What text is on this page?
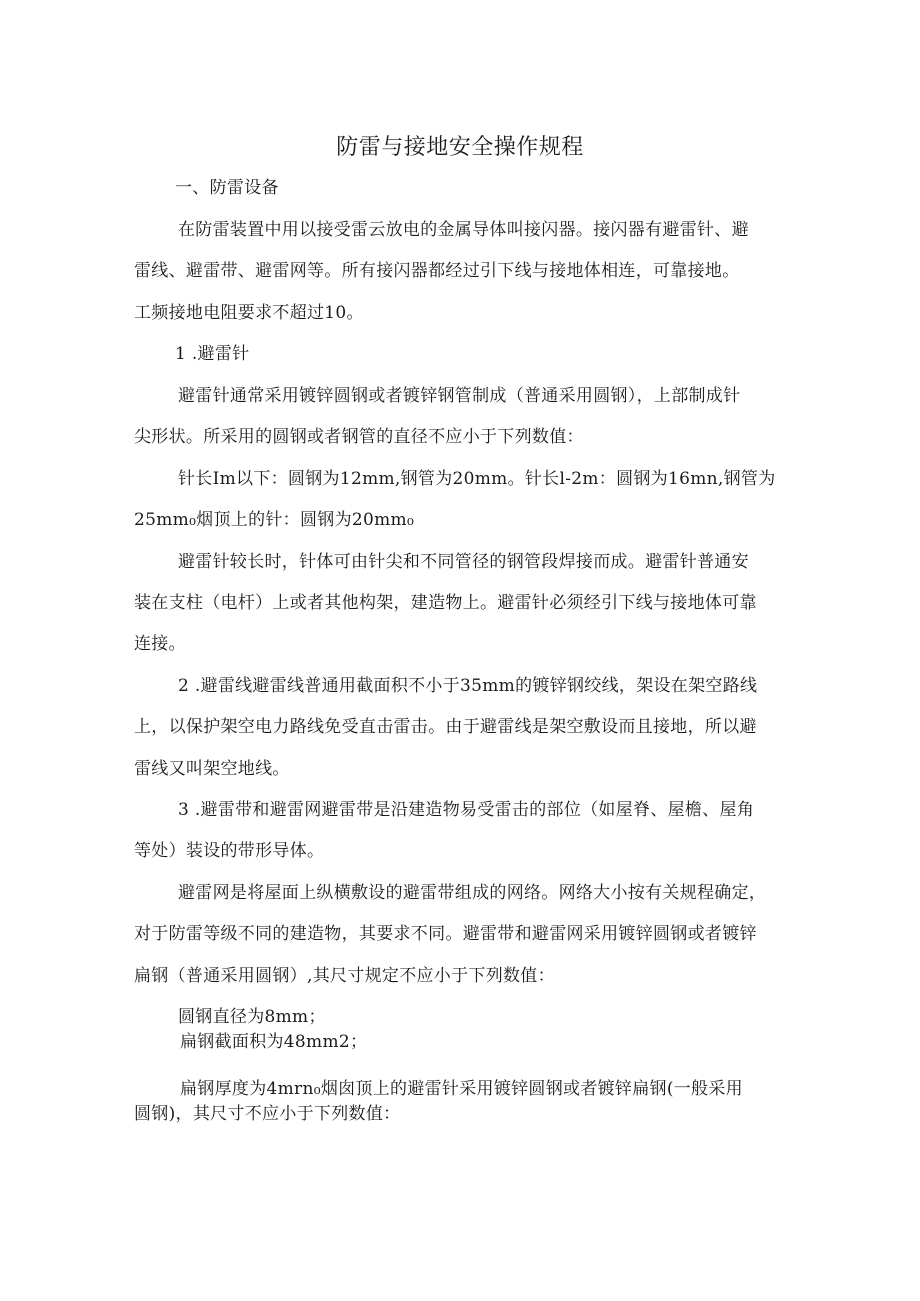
防雷与接地安全操作规程
一、防雷设备
在防雷装置中用以接受雷云放电的金属导体叫接闪器。接闪器有避雷针、避
雷线、避雷带、避雷网等。所有接闪器都经过引下线与接地体相连，可靠接地。
工频接地电阻要求不超过10。
1 .避雷针
避雷针通常采用镀锌圆钢或者镀锌钢管制成（普通采用圆钢），上部制成针
尖形状。所采用的圆钢或者钢管的直径不应小于下列数值：
针长Im以下：圆钢为12mm,钢管为20mm。针长l-2m：圆钢为16mn,钢管为
25mm₀烟顶上的针：圆钢为20mm₀
避雷针较长时，针体可由针尖和不同管径的钢管段焊接而成。避雷针普通安
装在支柱（电杆）上或者其他构架，建造物上。避雷针必须经引下线与接地体可靠
连接。
2 .避雷线避雷线普通用截面积不小于35mm的镀锌钢绞线，架设在架空路线
上，以保护架空电力路线免受直击雷击。由于避雷线是架空敷设而且接地，所以避
雷线又叫架空地线。
3 .避雷带和避雷网避雷带是沿建造物易受雷击的部位（如屋脊、屋檐、屋角
等处）装设的带形导体。
避雷网是将屋面上纵横敷设的避雷带组成的网络。网络大小按有关规程确定，
对于防雷等级不同的建造物，其要求不同。避雷带和避雷网采用镀锌圆钢或者镀锌
扁钢（普通采用圆钢）,其尺寸规定不应小于下列数值：
圆钢直径为8mm；
扁钢截面积为48mm2；
扁钢厚度为4mrn₀烟囱顶上的避雷针采用镀锌圆钢或者镀锌扁钢(一般采用
圆钢)，其尺寸不应小于下列数值：
